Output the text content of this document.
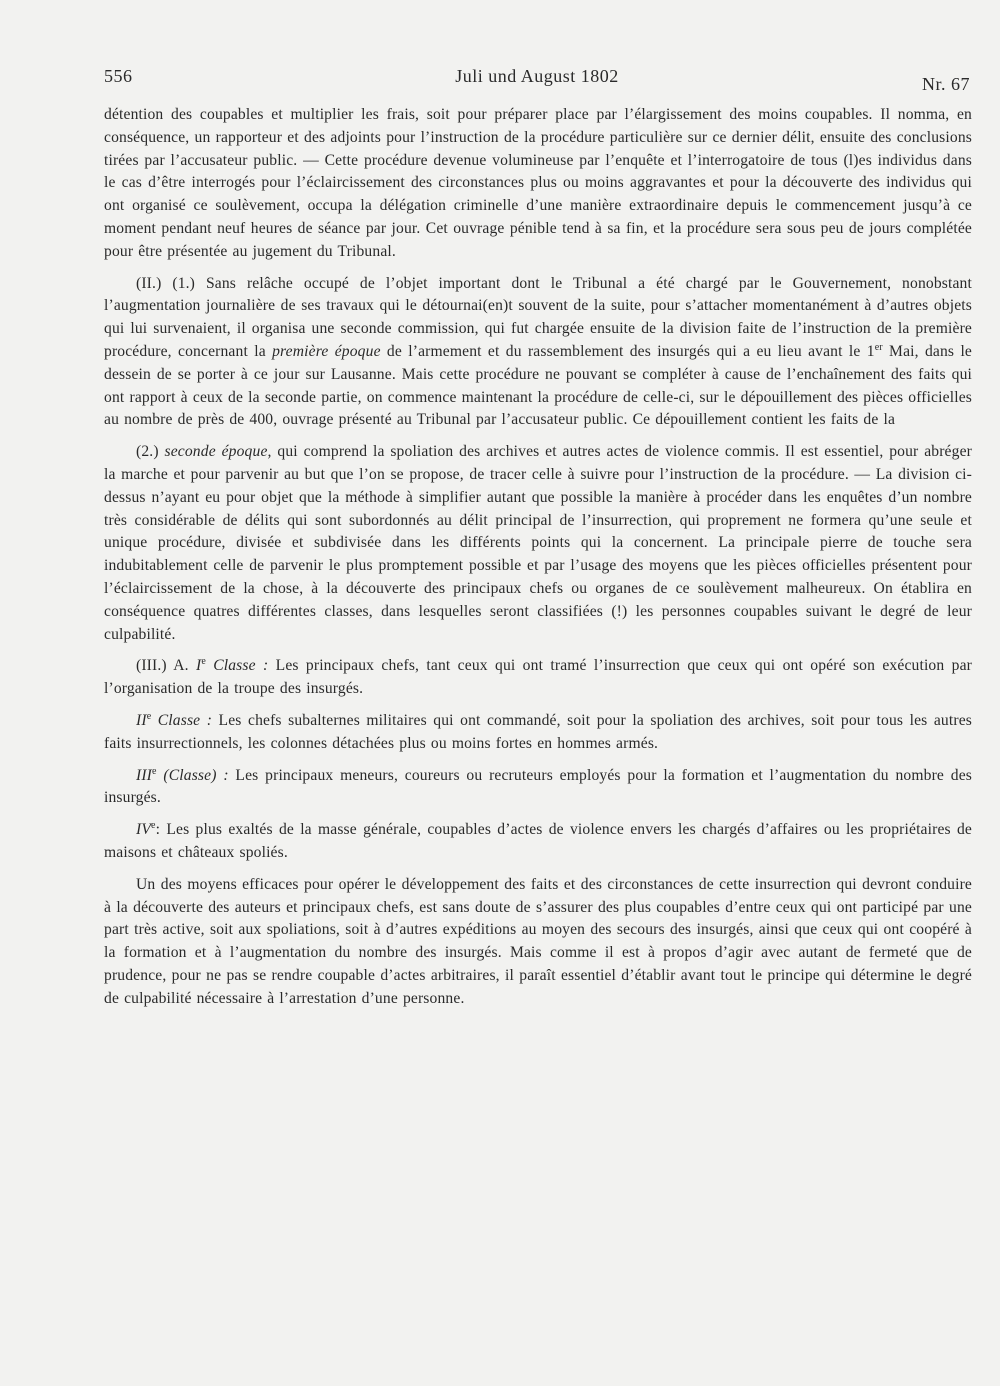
556	Juli und August 1802	Nr. 67

détention des coupables et multiplier les frais, soit pour préparer place par l’élargissement des moins coupables. Il nomma, en conséquence, un rapporteur et des adjoints pour l’instruction de la procédure particulière sur ce dernier délit, ensuite des conclusions tirées par l’accusateur public. — Cette procédure devenue volumineuse par l’enquête et l’interrogatoire de tous (l)es individus dans le cas d’être interrogés pour l’éclaircissement des circonstances plus ou moins aggravantes et pour la découverte des individus qui ont organisé ce soulèvement, occupa la délégation criminelle d’une manière extraordinaire depuis le commencement jusqu’à ce moment pendant neuf heures de séance par jour. Cet ouvrage pénible tend à sa fin, et la procédure sera sous peu de jours complétée pour être présentée au jugement du Tribunal.

(II.) (1.) Sans relâche occupé de l’objet important dont le Tribunal a été chargé par le Gouvernement, nonobstant l’augmentation journalière de ses travaux qui le détournai(en)t souvent de la suite, pour s’attacher momentanément à d’autres objets qui lui survenaient, il organisa une seconde commission, qui fut chargée ensuite de la division faite de l’instruction de la première procédure, concernant la première époque de l’armement et du rassemblement des insurgés qui a eu lieu avant le 1er Mai, dans le dessein de se porter à ce jour sur Lausanne. Mais cette procédure ne pouvant se compléter à cause de l’enchaînement des faits qui ont rapport à ceux de la seconde partie, on commence maintenant la procédure de celle-ci, sur le dépouillement des pièces officielles au nombre de près de 400, ouvrage présenté au Tribunal par l’accusateur public. Ce dépouillement contient les faits de la

(2.) seconde époque, qui comprend la spoliation des archives et autres actes de violence commis. Il est essentiel, pour abréger la marche et pour parvenir au but que l’on se propose, de tracer celle à suivre pour l’instruction de la procédure. — La division ci-dessus n’ayant eu pour objet que la méthode à simplifier autant que possible la manière à procéder dans les enquêtes d’un nombre très considérable de délits qui sont subordonnés au délit principal de l’insurrection, qui proprement ne formera qu’une seule et unique procédure, divisée et subdivisée dans les différents points qui la concernent. La principale pierre de touche sera indubitablement celle de parvenir le plus promptement possible et par l’usage des moyens que les pièces officielles présentent pour l’éclaircissement de la chose, à la découverte des principaux chefs ou organes de ce soulèvement malheureux. On établira en conséquence quatres différentes classes, dans lesquelles seront classifiées (!) les personnes coupables suivant le degré de leur culpabilité.

(III.) A. Ie Classe : Les principaux chefs, tant ceux qui ont tramé l’insurrection que ceux qui ont opéré son exécution par l’organisation de la troupe des insurgés.

IIe Classe : Les chefs subalternes militaires qui ont commandé, soit pour la spoliation des archives, soit pour tous les autres faits insurrectionnels, les colonnes détachées plus ou moins fortes en hommes armés.

IIIe (Classe) : Les principaux meneurs, coureurs ou recruteurs employés pour la formation et l’augmentation du nombre des insurgés.

IVe: Les plus exaltés de la masse générale, coupables d’actes de violence envers les chargés d’affaires ou les propriétaires de maisons et châteaux spoliés.

Un des moyens efficaces pour opérer le développement des faits et des circonstances de cette insurrection qui devront conduire à la découverte des auteurs et principaux chefs, est sans doute de s’assurer des plus coupables d’entre ceux qui ont participé par une part très active, soit aux spoliations, soit à d’autres expéditions au moyen des secours des insurgés, ainsi que ceux qui ont coopéré à la formation et à l’augmentation du nombre des insurgés. Mais comme il est à propos d’agir avec autant de fermeté que de prudence, pour ne pas se rendre coupable d’actes arbitraires, il paraît essentiel d’établir avant tout le principe qui détermine le degré de culpabilité nécessaire à l’arrestation d’une personne.
